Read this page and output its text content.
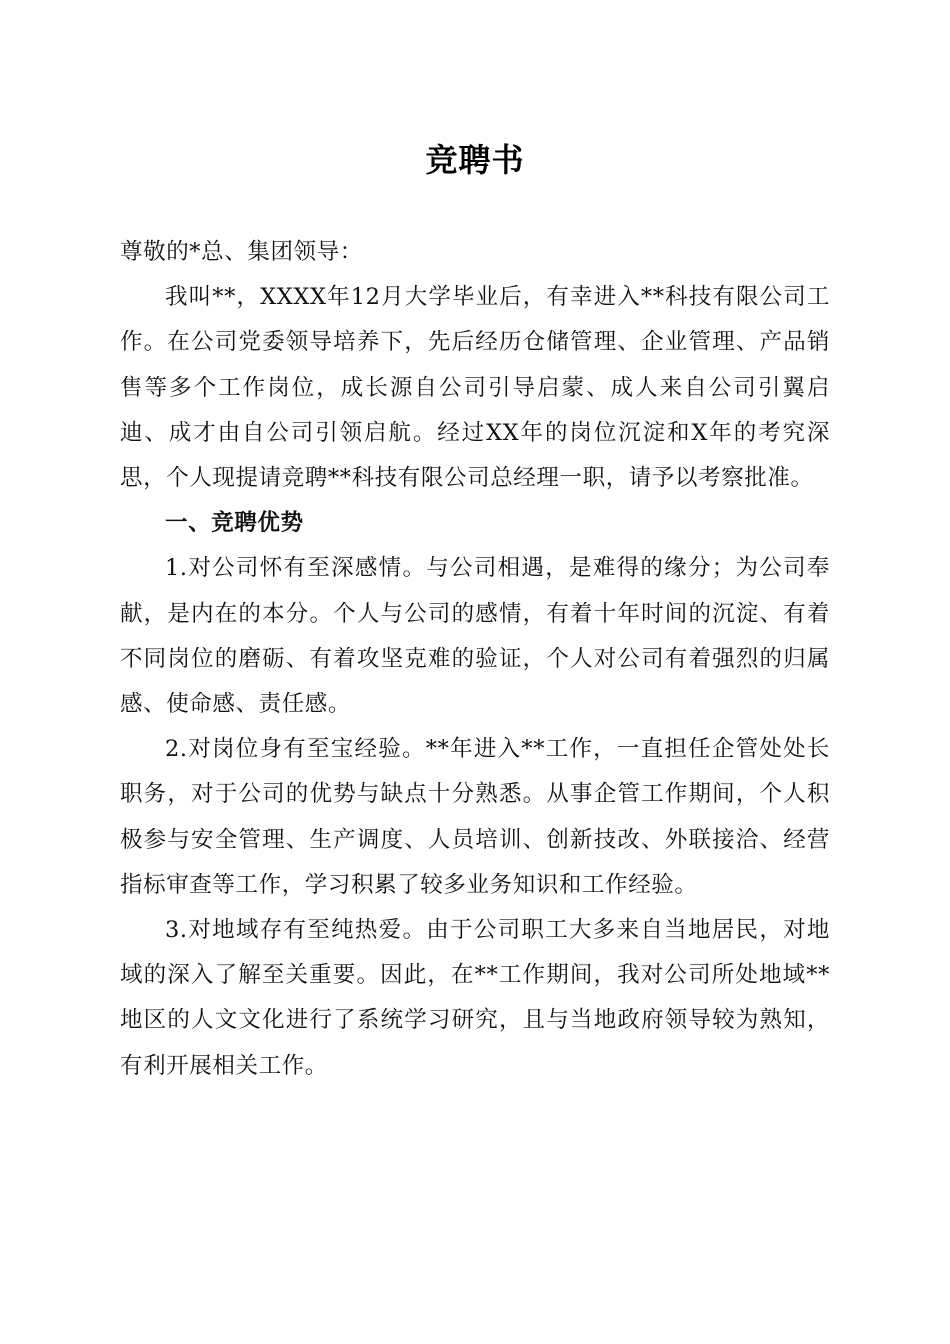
竞聘书

尊敬的*总、集团领导：

我叫**，XXXX年12月大学毕业后，有幸进入**科技有限公司工作。在公司党委领导培养下，先后经历仓储管理、企业管理、产品销售等多个工作岗位，成长源自公司引导启蒙、成人来自公司引翼启迪、成才由自公司引领启航。经过XX年的岗位沉淀和X年的考究深思，个人现提请竞聘**科技有限公司总经理一职，请予以考察批准。

一、竞聘优势

1.对公司怀有至深感情。与公司相遇，是难得的缘分；为公司奉献，是内在的本分。个人与公司的感情，有着十年时间的沉淀、有着不同岗位的磨砺、有着攻坚克难的验证，个人对公司有着强烈的归属感、使命感、责任感。

2.对岗位身有至宝经验。**年进入**工作，一直担任企管处处长职务，对于公司的优势与缺点十分熟悉。从事企管工作期间，个人积极参与安全管理、生产调度、人员培训、创新技改、外联接洽、经营指标审查等工作，学习积累了较多业务知识和工作经验。

3.对地域存有至纯热爱。由于公司职工大多来自当地居民，对地域的深入了解至关重要。因此，在**工作期间，我对公司所处地域**地区的人文文化进行了系统学习研究，且与当地政府领导较为熟知，有利开展相关工作。
